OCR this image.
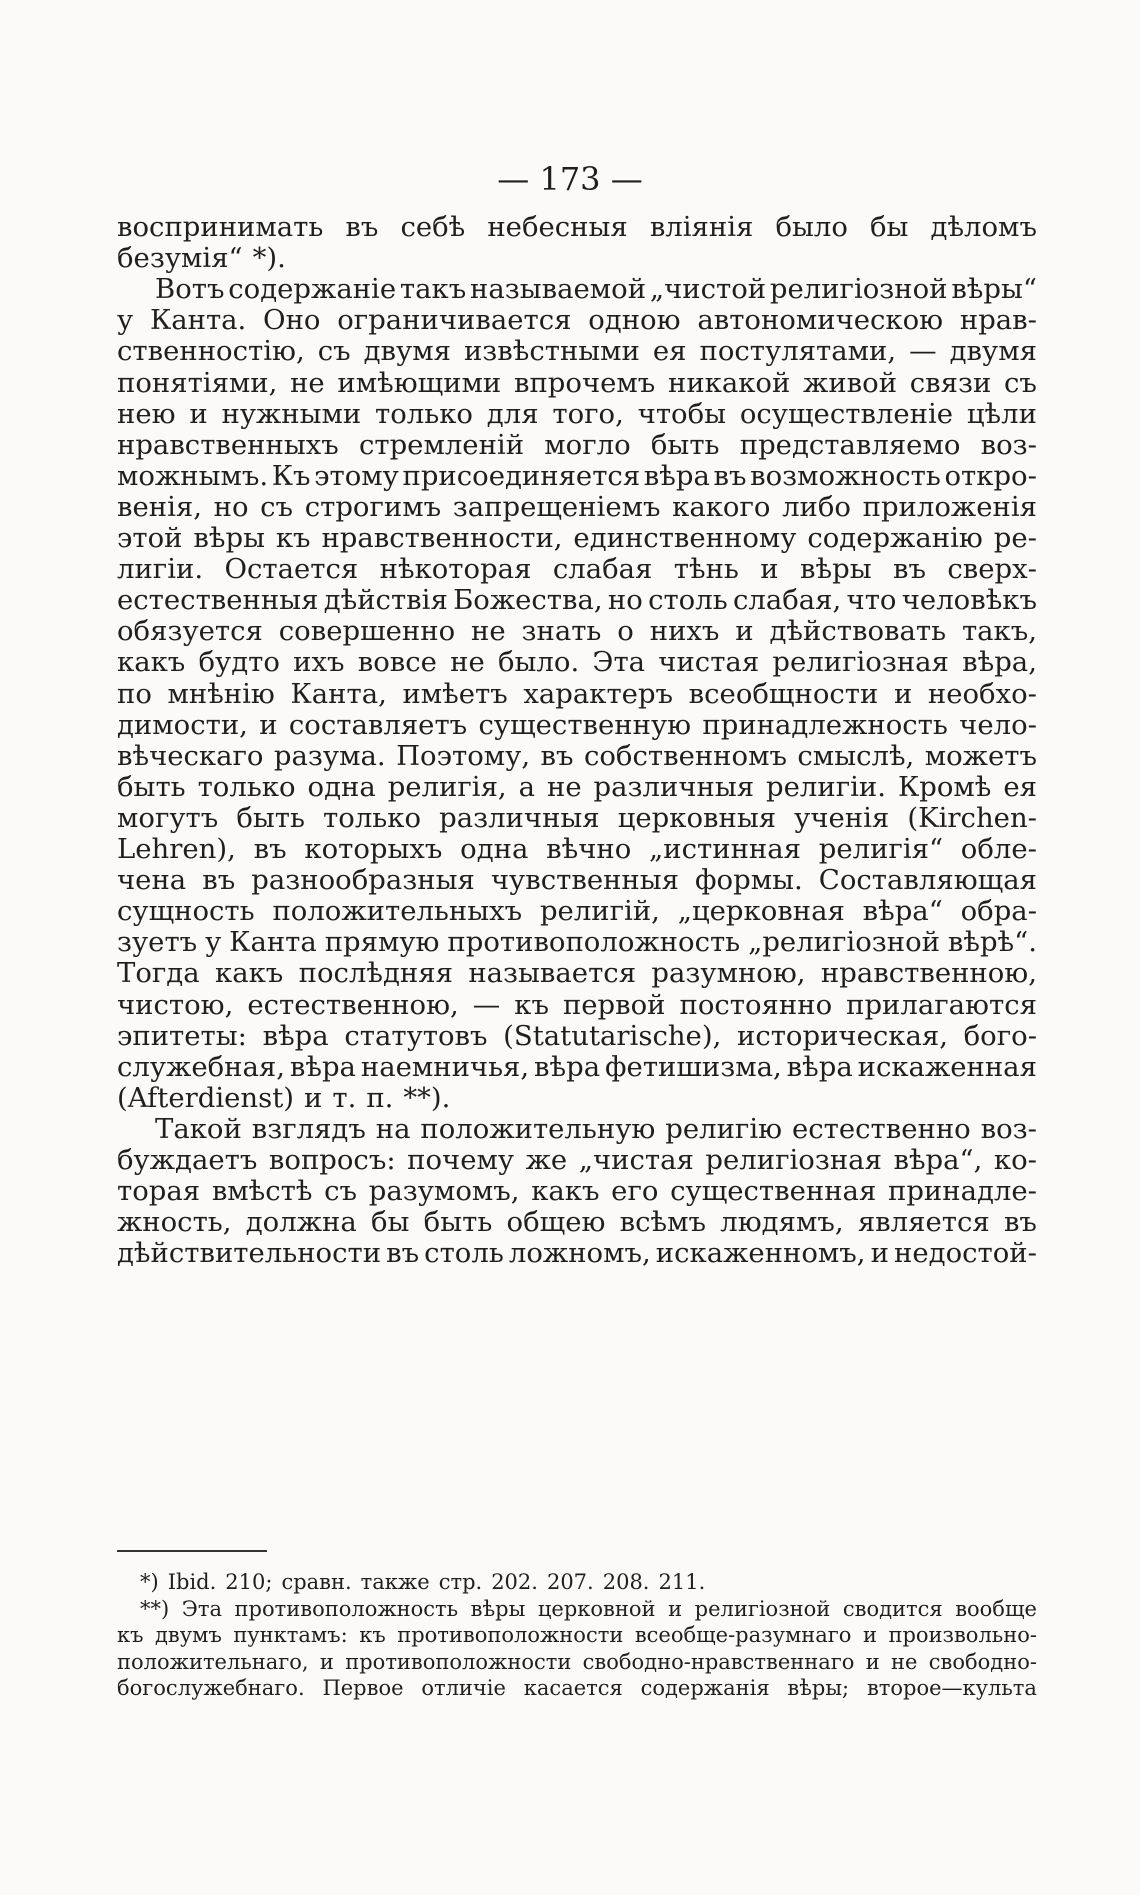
— 173 —
воспринимать въ себѣ небесныя вліянія было бы дѣломъ
безумія“ *).
Вотъ содержаніе такъ называемой „чистой религіозной вѣры“
у Канта. Оно ограничивается одною автономическою нрав-
ственностію, съ двумя извѣстными ея постулятами, — двумя
понятіями, не имѣющими впрочемъ никакой живой связи съ
нею и нужными только для того, чтобы осуществленіе цѣли
нравственныхъ стремленій могло быть представляемо воз-
можнымъ. Къ этому присоединяется вѣра въ возможность откро-
венія, но съ строгимъ запрещеніемъ какого либо приложенія
этой вѣры къ нравственности, единственному содержанію ре-
лигіи. Остается нѣкоторая слабая тѣнь и вѣры въ сверх-
естественныя дѣйствія Божества, но столь слабая, что человѣкъ
обязуется совершенно не знать о нихъ и дѣйствовать такъ,
какъ будто ихъ вовсе не было. Эта чистая религіозная вѣра,
по мнѣнію Канта, имѣетъ характеръ всеобщности и необхо-
димости, и составляетъ существенную принадлежность чело-
вѣческаго разума. Поэтому, въ собственномъ смыслѣ, можетъ
быть только одна религія, а не различныя религіи. Кромѣ ея
могутъ быть только различныя церковныя ученія (Kirchen-
Lehren), въ которыхъ одна вѣчно „истинная религія“ обле-
чена въ разнообразныя чувственныя формы. Составляющая
сущность положительныхъ религій, „церковная вѣра“ обра-
зуетъ у Канта прямую противоположность „религіозной вѣрѣ“.
Тогда какъ послѣдняя называется разумною, нравственною,
чистою, естественною, — къ первой постоянно прилагаются
эпитеты: вѣра статутовъ (Statutarische), историческая, бого-
служебная, вѣра наемничья, вѣра фетишизма, вѣра искаженная
(Afterdienst) и т. п. **).
Такой взглядъ на положительную религію естественно воз-
буждаетъ вопросъ: почему же „чистая религіозная вѣра“, ко-
торая вмѣстѣ съ разумомъ, какъ его существенная принадле-
жность, должна бы быть общею всѣмъ людямъ, является въ
дѣйствительности въ столь ложномъ, искаженномъ, и недостой-
*) Ibid. 210; сравн. также стр. 202. 207. 208. 211.
**) Эта противоположность вѣры церковной и религіозной сводится вообще
къ двумъ пунктамъ: къ противоположности всеобще-разумнаго и произвольно-
положительнаго, и противоположности свободно-нравственнаго и не свободно-
богослужебнаго. Первое отличіе касается содержанія вѣры; второе—культа
